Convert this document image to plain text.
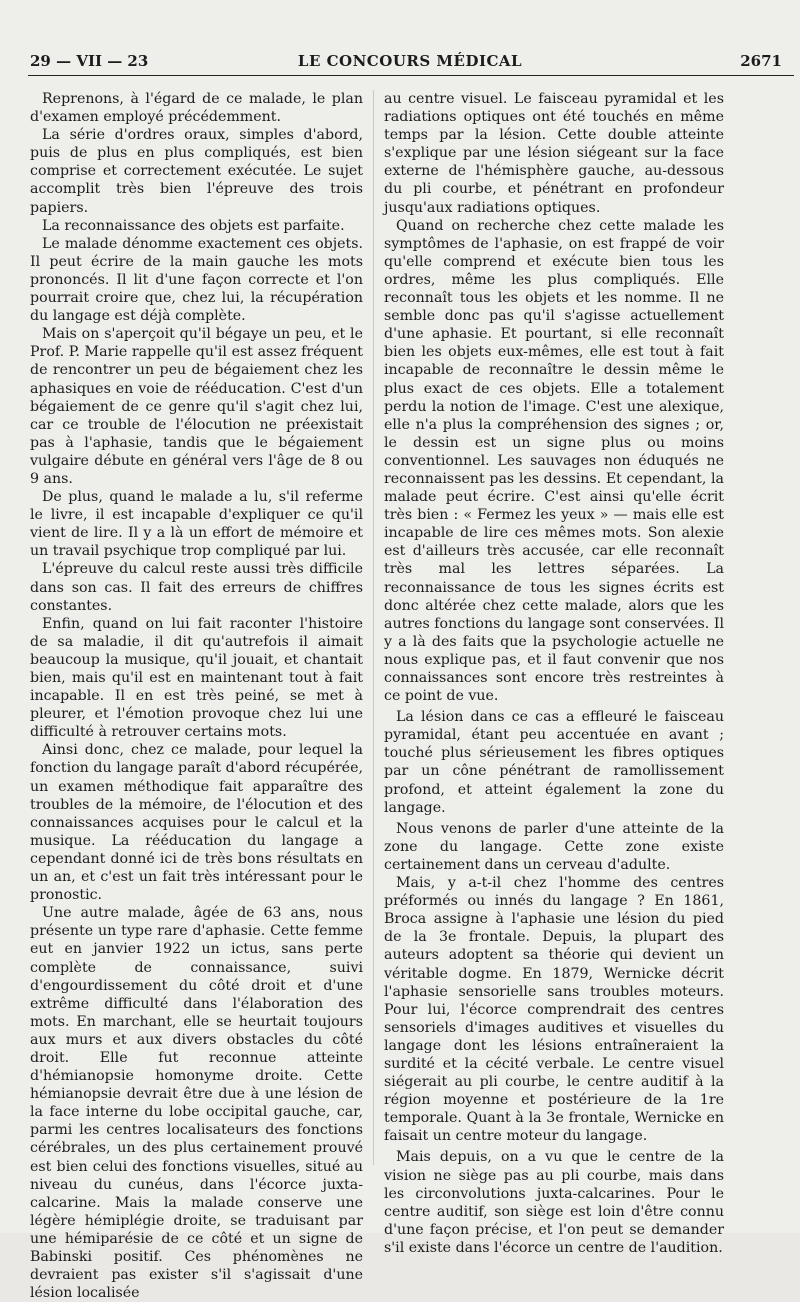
29 — VII — 23	LE CONCOURS MÉDICAL	2671

Reprenons, à l'égard de ce malade, le plan d'examen employé précédemment.

La série d'ordres oraux, simples d'abord, puis de plus en plus compliqués, est bien comprise et correctement exécutée. Le sujet accomplit très bien l'épreuve des trois papiers.

La reconnaissance des objets est parfaite.

Le malade dénomme exactement ces objets. Il peut écrire de la main gauche les mots prononcés. Il lit d'une façon correcte et l'on pourrait croire que, chez lui, la récupération du langage est déjà complète.

Mais on s'aperçoit qu'il bégaye un peu, et le Prof. P. Marie rappelle qu'il est assez fréquent de rencontrer un peu de bégaiement chez les aphasiques en voie de rééducation. C'est d'un bégaiement de ce genre qu'il s'agit chez lui, car ce trouble de l'élocution ne préexistait pas à l'aphasie, tandis que le bégaiement vulgaire débute en général vers l'âge de 8 ou 9 ans.

De plus, quand le malade a lu, s'il referme le livre, il est incapable d'expliquer ce qu'il vient de lire. Il y a là un effort de mémoire et un travail psychique trop compliqué par lui.

L'épreuve du calcul reste aussi très difficile dans son cas. Il fait des erreurs de chiffres constantes.

Enfin, quand on lui fait raconter l'histoire de sa maladie, il dit qu'autrefois il aimait beaucoup la musique, qu'il jouait, et chantait bien, mais qu'il est en maintenant tout à fait incapable. Il en est très peiné, se met à pleurer, et l'émotion provoque chez lui une difficulté à retrouver certains mots.

Ainsi donc, chez ce malade, pour lequel la fonction du langage paraît d'abord récupérée, un examen méthodique fait apparaître des troubles de la mémoire, de l'élocution et des connaissances acquises pour le calcul et la musique. La rééducation du langage a cependant donné ici de très bons résultats en un an, et c'est un fait très intéressant pour le pronostic.

Une autre malade, âgée de 63 ans, nous présente un type rare d'aphasie. Cette femme eut en janvier 1922 un ictus, sans perte complète de connaissance, suivi d'engourdissement du côté droit et d'une extrême difficulté dans l'élaboration des mots. En marchant, elle se heurtait toujours aux murs et aux divers obstacles du côté droit. Elle fut reconnue atteinte d'hémianopsie homonyme droite. Cette hémianopsie devrait être due à une lésion de la face interne du lobe occipital gauche, car, parmi les centres localisateurs des fonctions cérébrales, un des plus certainement prouvé est bien celui des fonctions visuelles, situé au niveau du cunéus, dans l'écorce juxta-calcarine. Mais la malade conserve une légère hémiplégie droite, se traduisant par une hémiparésie de ce côté et un signe de Babinski positif. Ces phénomènes ne devraient pas exister s'il s'agissait d'une lésion localisée

au centre visuel. Le faisceau pyramidal et les radiations optiques ont été touchés en même temps par la lésion. Cette double atteinte s'explique par une lésion siégeant sur la face externe de l'hémisphère gauche, au-dessous du pli courbe, et pénétrant en profondeur jusqu'aux radiations optiques.

Quand on recherche chez cette malade les symptômes de l'aphasie, on est frappé de voir qu'elle comprend et exécute bien tous les ordres, même les plus compliqués. Elle reconnaît tous les objets et les nomme. Il ne semble donc pas qu'il s'agisse actuellement d'une aphasie. Et pourtant, si elle reconnaît bien les objets eux-mêmes, elle est tout à fait incapable de reconnaître le dessin même le plus exact de ces objets. Elle a totalement perdu la notion de l'image. C'est une alexique, elle n'a plus la compréhension des signes ; or, le dessin est un signe plus ou moins conventionnel. Les sauvages non éduqués ne reconnaissent pas les dessins. Et cependant, la malade peut écrire. C'est ainsi qu'elle écrit très bien : « Fermez les yeux » — mais elle est incapable de lire ces mêmes mots. Son alexie est d'ailleurs très accusée, car elle reconnaît très mal les lettres séparées. La reconnaissance de tous les signes écrits est donc altérée chez cette malade, alors que les autres fonctions du langage sont conservées. Il y a là des faits que la psychologie actuelle ne nous explique pas, et il faut convenir que nos connaissances sont encore très restreintes à ce point de vue.

La lésion dans ce cas a effleuré le faisceau pyramidal, étant peu accentuée en avant ; touché plus sérieusement les fibres optiques par un cône pénétrant de ramollissement profond, et atteint également la zone du langage.

Nous venons de parler d'une atteinte de la zone du langage. Cette zone existe certainement dans un cerveau d'adulte.

Mais, y a-t-il chez l'homme des centres préformés ou innés du langage ? En 1861, Broca assigne à l'aphasie une lésion du pied de la 3e frontale. Depuis, la plupart des auteurs adoptent sa théorie qui devient un véritable dogme. En 1879, Wernicke décrit l'aphasie sensorielle sans troubles moteurs. Pour lui, l'écorce comprendrait des centres sensoriels d'images auditives et visuelles du langage dont les lésions entraîneraient la surdité et la cécité verbale. Le centre visuel siégerait au pli courbe, le centre auditif à la région moyenne et postérieure de la 1re temporale. Quant à la 3e frontale, Wernicke en faisait un centre moteur du langage.

Mais depuis, on a vu que le centre de la vision ne siège pas au pli courbe, mais dans les circonvolutions juxta-calcarines. Pour le centre auditif, son siège est loin d'être connu d'une façon précise, et l'on peut se demander s'il existe dans l'écorce un centre de l'audition.
